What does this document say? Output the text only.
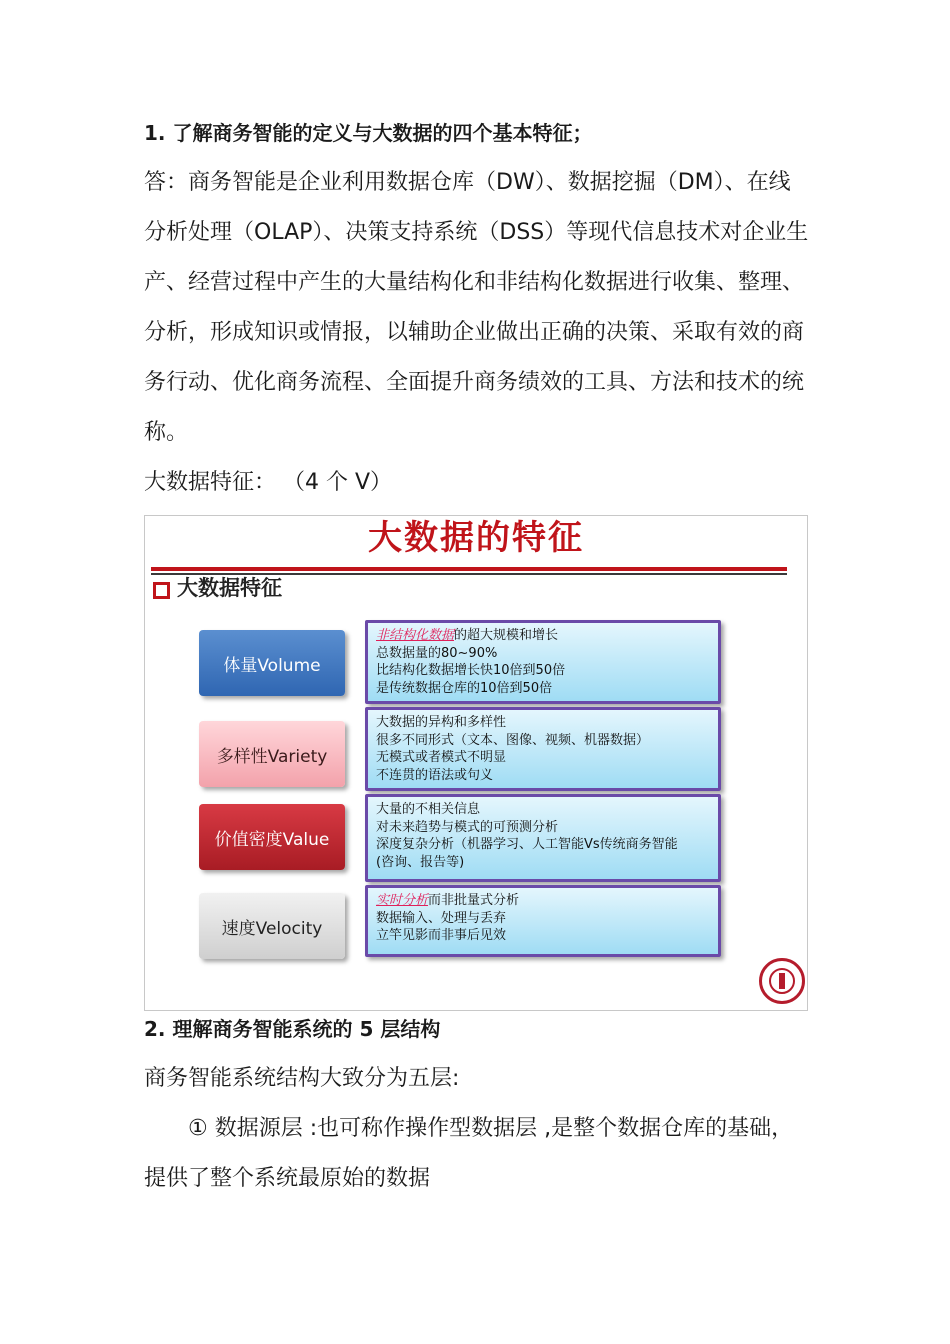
1. 了解商务智能的定义与大数据的四个基本特征；

答：商务智能是企业利用数据仓库（DW）、数据挖掘（DM）、在线

分析处理（OLAP）、决策支持系统（DSS）等现代信息技术对企业生

产、经营过程中产生的大量结构化和非结构化数据进行收集、整理、

分析，形成知识或情报，以辅助企业做出正确的决策、采取有效的商

务行动、优化商务流程、全面提升商务绩效的工具、方法和技术的统

称。

大数据特征： （4 个 V）

大数据的特征
大数据特征
体量Volume
非结构化数据的超大规模和增长
总数据量的80~90%
比结构化数据增长快10倍到50倍
是传统数据仓库的10倍到50倍
多样性Variety
大数据的异构和多样性
很多不同形式（文本、图像、视频、机器数据）
无模式或者模式不明显
不连贯的语法或句义
价值密度Value
大量的不相关信息
对未来趋势与模式的可预测分析
深度复杂分析（机器学习、人工智能Vs传统商务智能
(咨询、报告等)
速度Velocity
实时分析而非批量式分析
数据输入、处理与丢弃
立竿见影而非事后见效
2. 理解商务智能系统的 5 层结构

商务智能系统结构大致分为五层:

① 数据源层 :也可称作操作型数据层 ,是整个数据仓库的基础，

提供了整个系统最原始的数据
